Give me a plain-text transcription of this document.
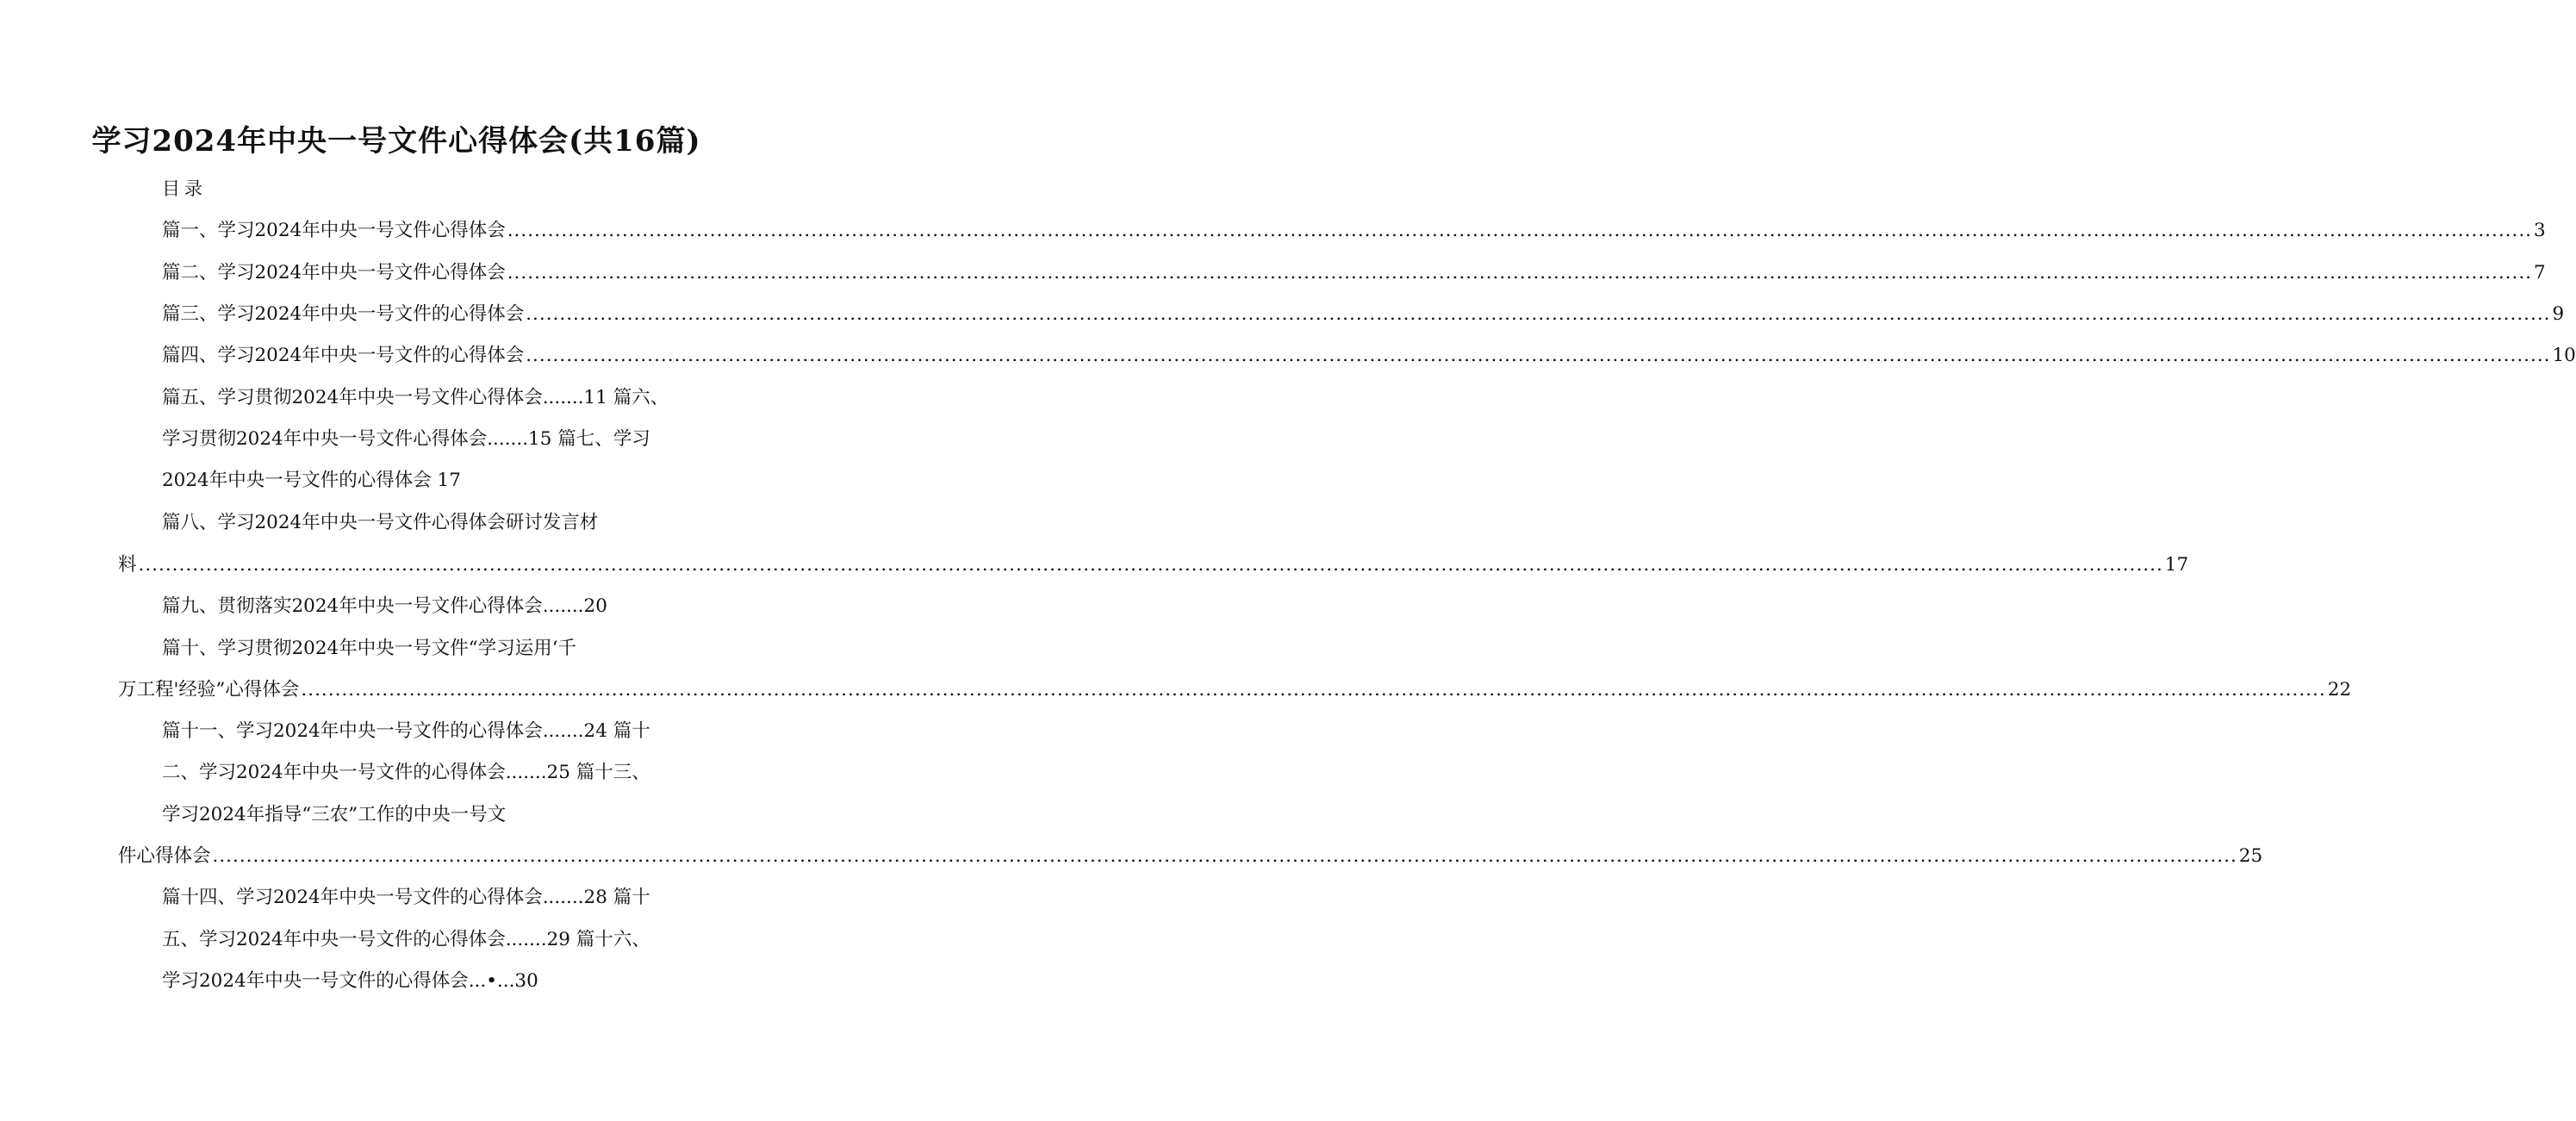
学习2024年中央一号文件心得体会(共16篇)
目录
篇一、学习2024年中央一号文件心得体会 ............................................................................................................................................................................................................................................................................................................ 3
篇二、学习2024年中央一号文件心得体会 ............................................................................................................................................................................................................................................................................................................ 7
篇三、学习2024年中央一号文件的心得体会 ............................................................................................................................................................................................................................................................................................................ 9
篇四、学习2024年中央一号文件的心得体会 ............................................................................................................................................................................................................................................................................................................ 10
篇五、学习贯彻2024年中央一号文件心得体会.......11 篇六、
学习贯彻2024年中央一号文件心得体会.......15 篇七、学习
2024年中央一号文件的心得体会 17
篇八、学习2024年中央一号文件心得体会研讨发言材
料 ............................................................................................................................................................................................................................................................................................................ 17
篇九、贯彻落实2024年中央一号文件心得体会.......20
篇十、学习贯彻2024年中央一号文件“学习运用‘千
万工程'经验”心得体会 ............................................................................................................................................................................................................................................................................................................ 22
篇十一、学习2024年中央一号文件的心得体会.......24 篇十
二、学习2024年中央一号文件的心得体会.......25 篇十三、
学习2024年指导“三农”工作的中央一号文
件心得体会 ............................................................................................................................................................................................................................................................................................................ 25
篇十四、学习2024年中央一号文件的心得体会.......28 篇十
五、学习2024年中央一号文件的心得体会.......29 篇十六、
学习2024年中央一号文件的心得体会...•...30
